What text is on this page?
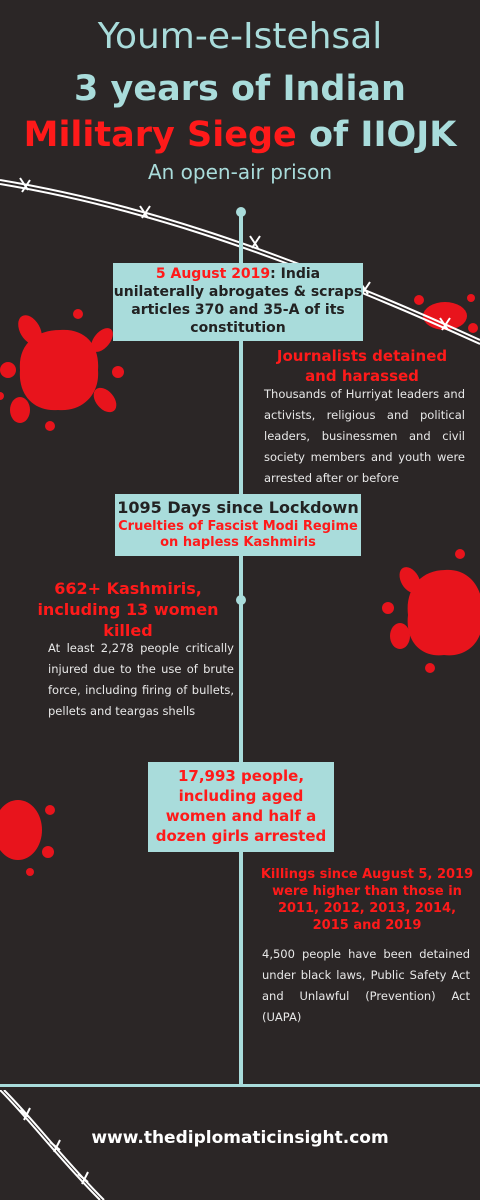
Youm-e-Istehsal
3 years of Indian
Military Siege of IIOJK
An open-air prison
5 August 2019: India unilaterally abrogates & scraps articles 370 and 35-A of its constitution
Journalists detained and harassed
Thousands of Hurriyat leaders and activists, religious and political leaders, businessmen and civil society members and youth were arrested after or before
1095 Days since Lockdown
Cruelties of Fascist Modi Regime on hapless Kashmiris
662+ Kashmiris, including 13 women killed
At least 2,278 people critically injured due to the use of brute force, including firing of bullets, pellets and teargas shells
17,993 people, including aged women and half a dozen girls arrested
Killings since August 5, 2019 were higher than those in 2011, 2012, 2013, 2014, 2015 and 2019
4,500 people have been detained under black laws, Public Safety Act and Unlawful (Prevention) Act (UAPA)
www.thediplomaticinsight.com
